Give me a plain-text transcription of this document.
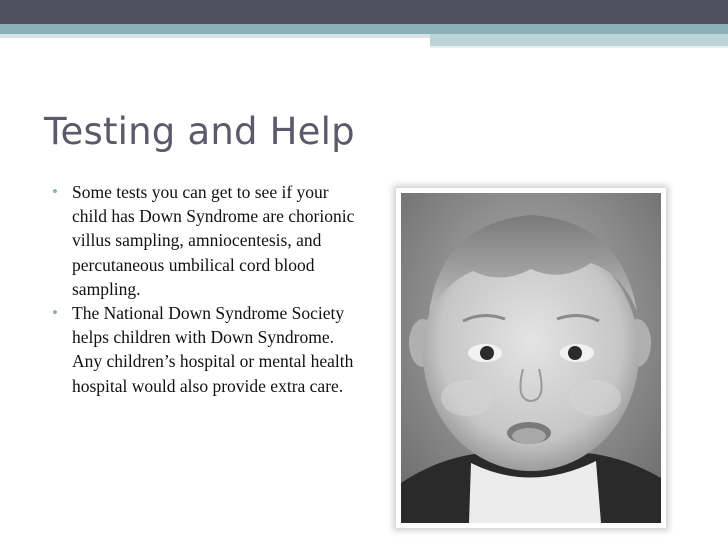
Testing and Help
• Some tests you can get to see if your child has Down Syndrome are chorionic villus sampling, amniocentesis, and percutaneous umbilical cord blood sampling.
• The National Down Syndrome Society helps children with Down Syndrome. Any children’s hospital or mental health hospital would also provide extra care.
